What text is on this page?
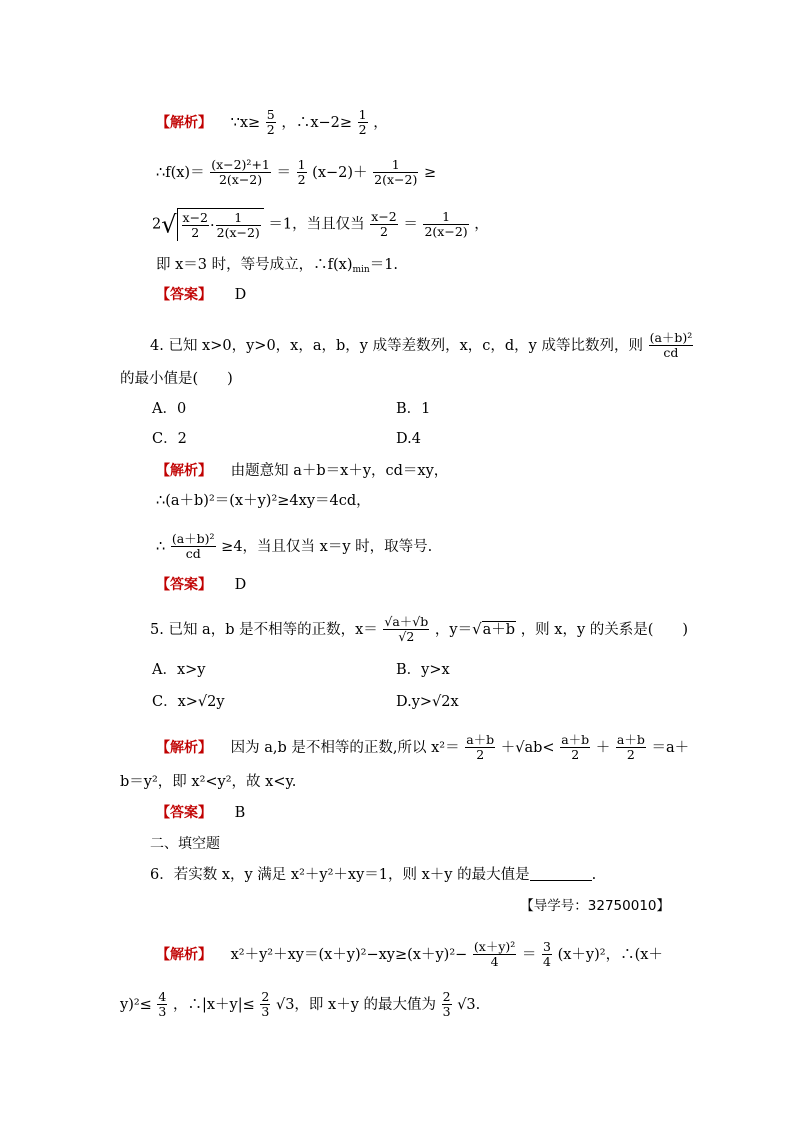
【解析】 ∵x≥ $\frac{5}{2}$ ，∴x−2≥ $\frac{1}{2}$ ，
∴f(x)＝ $\frac{\text{(x−2)²+1}}{2(x-2)} = \frac{1}{2} (x-2)+ \frac{1}{2(x-2)}$ ≥
$2√ \frac{x-2}{2} \cdot \frac{1}{2(x-2)} =1$，当且仅当 $\frac{x-2}{2} = \frac{1}{2(x-2)}$ ，
即 x＝3 时，等号成立，$\therefore f(x)_{min}=1$.
【答案】 D
4. 已知 x>0，y>0，x，a，b，y 成等差数列，x，c，d，y 成等比数列，则 $\frac{\text{(a＋b)²}}{cd}$
的最小值是(　　)
A．0	B．1
C．2	D.4
【解析】 由题意知 a＋b＝x＋y，cd＝xy，
∴(a＋b)²＝(x＋y)²≥4xy＝4cd，
∴ $\frac{\text{(a＋b)²}}{cd} \ge 4$，当且仅当 x＝y 时，取等号.
【答案】 D
5. 已知 a，b 是不相等的正数，$x= \frac{√a+√b}{√2}$ ，y＝√a＋b ，则 x，y 的关系是(　　)
A．x>y	B．y>x
C．x>√2y	D.y>√2x
【解析】 因为 a,b 是不相等的正数,所以 $x^2= \frac{a+b}{2} +√ab< \frac{a+b}{2} + \frac{a+b}{2} =a+$
b＝y²，即 x²<y²，故 x<y.
【答案】 B
二、填空题
6．若实数 x，y 满足 x²＋y²＋xy＝1，则 x＋y 的最大值是	.
【导学号：32750010】
【解析】 $x^2+y^2+xy=(x+y)^2-xy\ge(x+y)^2- \frac{\text{(x＋y)²}}{4} = \frac{3}{4} (x+y)^2$，∴(x＋
$y)^2\le \frac{4}{3}$ ，∴|x＋y|≤ $\frac{2}{3} √3$，即 x＋y 的最大值为 $\frac{2}{3} √3$.
